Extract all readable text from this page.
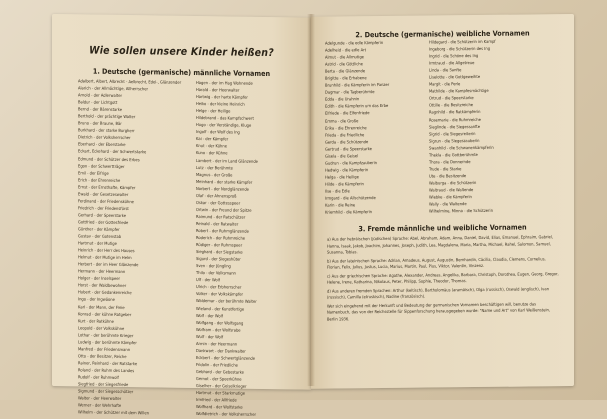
Wie sollen unsere Kinder heißen?
1. Deutsche (germanische) männliche Vornamen
Adalbert, Albert, Albrecht - Aelbrecht, Edel-, Glänzender
Alarich - der Allmächtige, Allherrscher
Arnold - der Adlerwalter
Baldur - der Lichtgott
Bernd - der Bärenstarke
Berthold - der prächtige Walter
Bruno - der Braune, Bär
Burkhard - der starke Burgherr
Dietrich - der Volksherrscher
Eberhard - der Eberstarke
Eckart, Eckehard - der Schwertstarke
Edmund - der Schützer des Erbes
Egon - der Schwertträger
Emil - der Eifrige
Erich - der Ehrenreiche
Ernst - der Ernsthafte, Kämpfer
Ewald - der Gesetzeswalter
Ferdinand - der Friedenskühne
Friedrich - der Friedensfürst
Gerhard - der Speerstarke
Gottfried - der Gottesfriede
Günther - der Kämpfer
Gustav - der Gotenstab
Hartmut - der Mutige
Heinrich - der Herr des Hauses
Helmut - der Mutige im Helm
Herbert - der im Heer Glänzende
Hermann - der Heermann
Holger - der Inselspeer
Horst - der Waldbewohner
Hubert - der Gedankenreiche
Ingo - der Ingwäone
Karl - der Mann, der Freie
Konrad - der kühne Ratgeber
Kurt - der Ratkühne
Leopold - der Volkskühne
Lothar - der berühmte Krieger
Ludwig - der berühmte Kämpfer
Manfred - der Friedensmann
Otto - der Besitzer, Reiche
Rainer, Reinhard - der Ratstarke
Roland - der Ruhm des Landes
Rudolf - der Ruhmwolf
Siegfried - der Siegesfriede
Sigmund - der Siegesschützer
Walter - der Heerwalter
Werner - der Wehrhafte
Wilhelm - der Schützer mit dem Willen
Hagen - der im Hag Wohnende
Harald - der Heerwalter
Hartwig - der harte Kämpfer
Heiko - der kleine Heinrich
Helge - der Heilige
Hildebrand - das Kampfschwert
Hugo - der Verständige, Kluge
Ingolf - der Wolf des Ing
Kai - der Kämpfer
Knut - der Kühne
Kuno - der Kühne
Lambert - der im Land Glänzende
Lutz - der Berühmte
Magnus - der Große
Meinhard - der starke Kämpfer
Norbert - der Nordglänzende
Olaf - der Ahnensproß
Oskar - der Gottesspeer
Ortwin - der Freund der Spitze
Raimund - der Ratschützer
Reinald - der Ratwalter
Robert - der Ruhmglänzende
Roderich - der Ruhmreiche
Rüdiger - der Ruhmspeer
Sieghard - der Siegstarke
Sigurd - der Siegeshüter
Sven - der Jüngling
Thilo - der Volksmann
Ulf - der Wolf
Ulrich - der Erbherrscher
Volker - der Volkskämpfer
Waldemar - der berühmte Walter
Wieland - der Kunstfertige
Wolf - der Wolf
Wolfgang - der Wolfsgang
Wolfram - der Wolfsrabe
Wulf - der Wolf
Armin - der Heermann
Dankwart - der Dankwalter
Eckbert - der Schwertglänzende
Fridolin - der Friedliche
Gebhard - der Gebestarke
Gernot - der Speerkühne
Giselher - der Geiselkrieger
Hartmut - der Starkmutige
Irmfried - der Allfriede
Wolfhard - der Wolfstarke
Wolfdietrich - der Volksherrscher
2. Deutsche (germanische) weibliche Vornamen
Adelgunde - die edle Kämpferin
Adelheid - die edle Art
Almut - die Allmutige
Astrid - die Göttliche
Berta - die Glänzende
Brigitte - die Erhabene
Brunhild - die Kämpferin im Panzer
Dagmar - die Tagberühmte
Edda - die Urahnin
Edith - die Kämpferin um das Erbe
Elfriede - die Elfenfriede
Emma - die Große
Erika - die Ehrenreiche
Frieda - die Friedliche
Gerda - die Schützende
Gertrud - die Speerstarke
Gisela - die Geisel
Gudrun - die Kampfzauberin
Hedwig - die Kämpferin
Helga - die Heilige
Hilde - die Kämpferin
Ilse - die Edle
Irmgard - die Allschützende
Karin - die Reine
Kriemhild - die Kämpferin
Hildegard - die Schützerin im Kampf
Ingeborg - die Schützerin des Ing
Ingrid - die Schöne des Ing
Irmtraud - die Allgetreue
Linda - die Sanfte
Liselotte - die Gottgeweihte
Margit - die Perle
Mathilde - die Kampfesmächtige
Ortrud - die Speerstarke
Ottilie - die Besitzreiche
Ragnhild - die Ratkämpferin
Rosemarie - die Ruhmreiche
Sieglinde - die Siegessanfte
Sigrid - die Siegesreiterin
Sigrun - die Siegeszauberin
Swanhild - die Schwanenkämpferin
Thekla - die Gottberühmte
Thora - die Donnernde
Trude - die Starke
Ute - die Besitzende
Walburga - die Schützerin
Waltraud - die Waltende
Wiebke - die Kämpferin
Wally - die Waltende
Wilhelmine, Minna - die Schützerin
3. Fremde männliche und weibliche Vornamen
a) Aus der hebräischen (jüdischen) Sprache: Abel, Abraham, Adam, Anna, Daniel, David, Elias, Emanuel, Ephraim, Gabriel, Hanna, Isaak, Jakob, Joachim, Johannes, Joseph, Judith, Lea, Magdalena, Maria, Martha, Michael, Rahel, Salomon, Samuel, Susanna, Tobias.
b) Aus der lateinischen Sprache: Adrian, Amadeus, August, Augustin, Bernhardin, Cäcilia, Claudia, Clemens, Cornelius, Florian, Felix, Julius, Justus, Lucia, Marius, Martin, Paul, Pius, Viktor, Valentin, Vinzenz.
c) Aus der griechischen Sprache: Agathe, Alexander, Andreas, Angelika, Barbara, Christoph, Dorothea, Eugen, Georg, Gregor, Helene, Irene, Katharina, Nikolaus, Peter, Philipp, Sophie, Theodor, Thomas.
d) Aus anderen fremden Sprachen: Arthur (keltisch), Bartholomäus (aramäisch), Olga (russisch), Oswald (englisch), Ivan (russisch), Camilla (etruskisch), Nadine (französisch).
Wer sich eingehend mit der Herkunft und Bedeutung der germanischen Vornamen beschäftigen will, benutze das Namenbuch, das von der Reichsstelle für Sippenforschung herausgegeben wurde: "Name und Art" von Karl Weißenstein, Berlin 1936.
